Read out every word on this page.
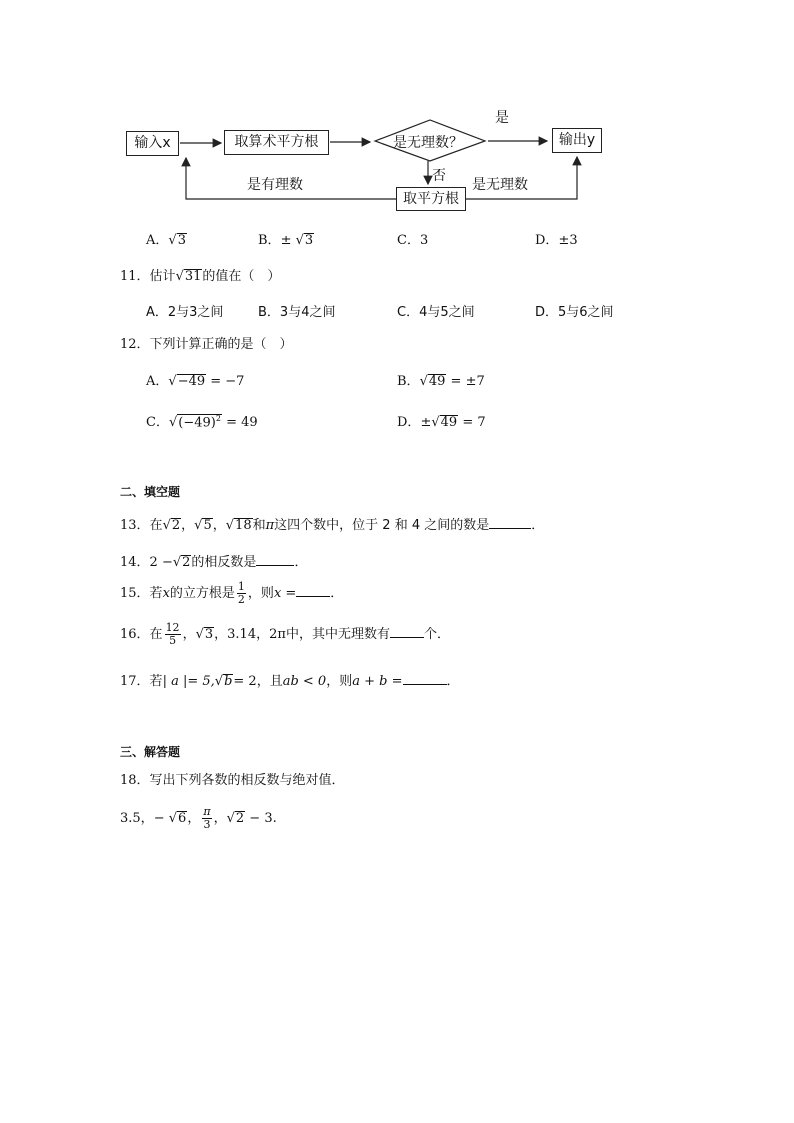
输入x	取算术平方根	是无理数？	输出y
取平方根
是
否
是有理数	是无理数
A．√3	B．± √3	C．3	D．±3
11．估计√31的值在（　）
A．2与3之间	B．3与4之间	C．4与5之间	D．5与6之间
12．下列计算正确的是（　）
A．√−49 = −7	B．√49 = ±7
C．$√(-49)^2 = 49$	D．±√49 = 7
二、填空题
13．在√2，√5，√18和π这四个数中，位于 2 和 4 之间的数是	．
14．2 −√2的相反数是	．
15．若x的立方根是 $\frac{1}{2}$ ，则x =	．
16．在 $\frac{12}{5}$ ，√3，3.14，2π中，其中无理数有	个．
17．若| a |= 5,√b= 2，且ab < 0，则a + b =	．
三、解答题
18．写出下列各数的相反数与绝对值．
3.5，− √6， $\frac{\pi}{3}$ ，√2 − 3.
